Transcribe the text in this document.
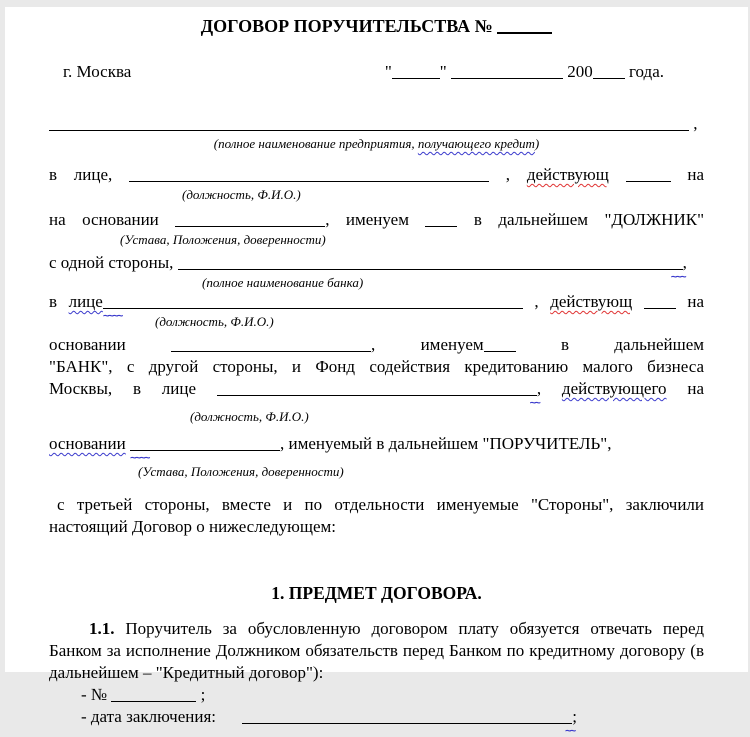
ДОГОВОР ПОРУЧИТЕЛЬСТВА №
г. Москва	"	"	200 года.
,
(полное наименование предприятия, получающего кредит)
в лице,	, действующ	на
(должность, Ф.И.О.)
на основании	, именуем	в дальнейшем "ДОЛЖНИК"
(Устава, Положения, доверенности)
с одной стороны,
~~~
,
(полное наименование банка)
в лице
~~~~
, действующ	на
(должность, Ф.И.О.)
основании	, именуем	в дальнейшем
"БАНК", с другой стороны, и Фонд содействия кредитованию малого бизнеса
Москвы, в лице
~~
, действующего на
(должность, Ф.И.О.)
основании
~~~~
, именуемый в дальнейшем "ПОРУЧИТЕЛЬ",
(Устава, Положения, доверенности)
с третьей стороны, вместе и по отдельности именуемые "Стороны", заключили настоящий Договор о нижеследующем:
1. ПРЕДМЕТ ДОГОВОРА.
1.1. Поручитель за обусловленную договором плату обязуется отвечать перед Банком за исполнение Должником обязательств перед Банком по кредитному договору (в дальнейшем – "Кредитный договор"):
- №	;
- дата заключения:
~~
;
